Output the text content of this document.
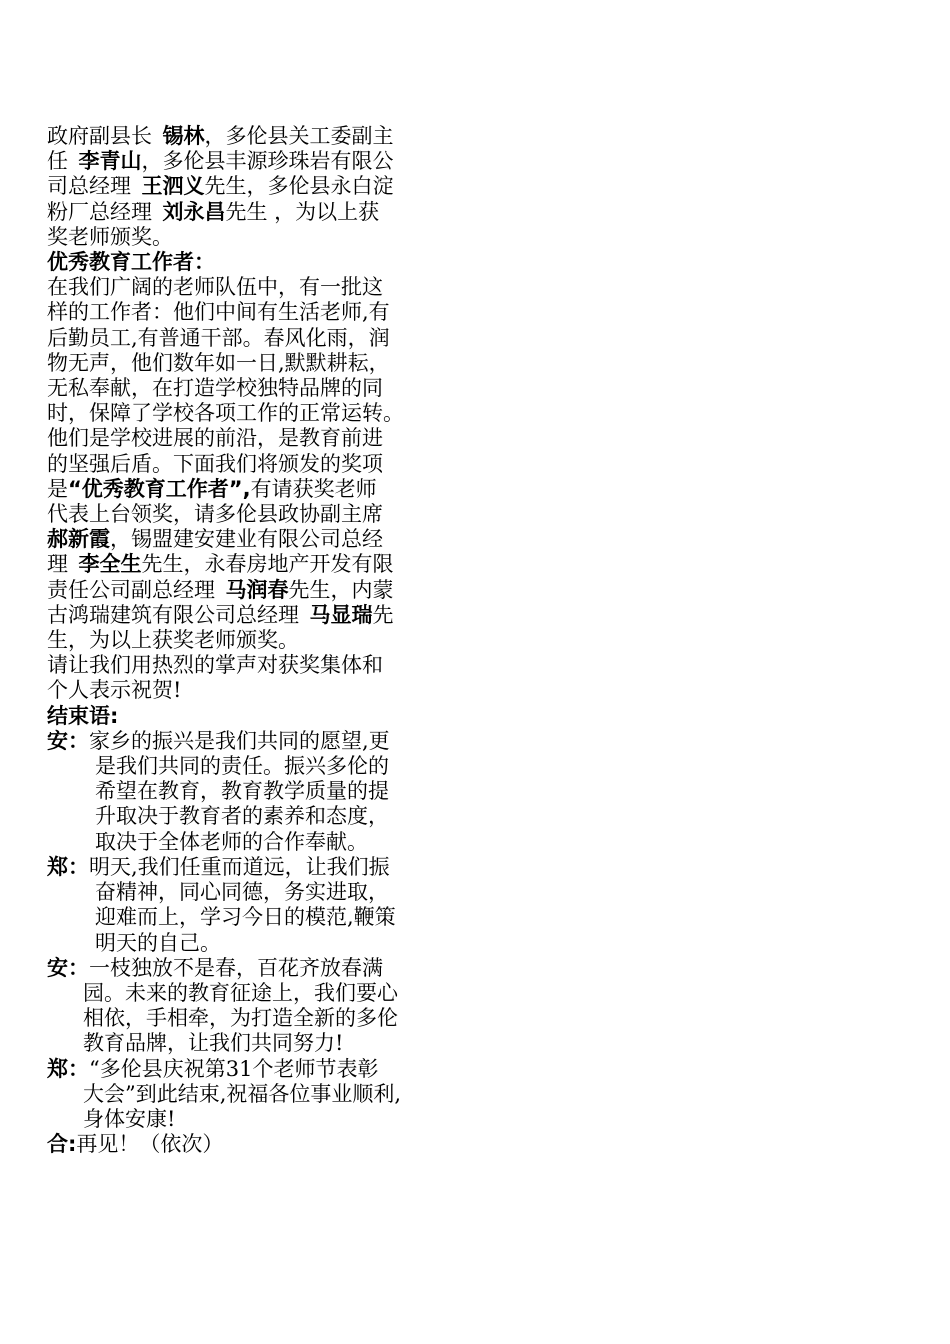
政府副县长 锡林，多伦县关工委副主
任 李青山，多伦县丰源珍珠岩有限公
司总经理 王泗义先生，多伦县永白淀
粉厂总经理 刘永昌先生 ，为以上获
奖老师颁奖。
优秀教育工作者：
在我们广阔的老师队伍中，有一批这
样的工作者：他们中间有生活老师,有
后勤员工,有普通干部。春风化雨，润
物无声，他们数年如一日,默默耕耘，
无私奉献，在打造学校独特品牌的同
时，保障了学校各项工作的正常运转。
他们是学校进展的前沿，是教育前进
的坚强后盾。下面我们将颁发的奖项
是“优秀教育工作者”,有请获奖老师
代表上台领奖，请多伦县政协副主席
郝新霞，锡盟建安建业有限公司总经
理 李全生先生，永春房地产开发有限
责任公司副总经理 马润春先生，内蒙
古鸿瑞建筑有限公司总经理 马显瑞先
生，为以上获奖老师颁奖。
请让我们用热烈的掌声对获奖集体和
个人表示祝贺!
结束语:
安：家乡的振兴是我们共同的愿望,更
是我们共同的责任。振兴多伦的
希望在教育，教育教学质量的提
升取决于教育者的素养和态度，
取决于全体老师的合作奉献。
郑：明天,我们任重而道远，让我们振
奋精神，同心同德，务实进取，
迎难而上，学习今日的模范,鞭策
明天的自己。
安：一枝独放不是春，百花齐放春满
园。未来的教育征途上，我们要心
相依，手相牵，为打造全新的多伦
教育品牌，让我们共同努力!
郑：“多伦县庆祝第31个老师节表彰
大会”到此结束,祝福各位事业顺利,
身体安康!
合:再见！（依次）
